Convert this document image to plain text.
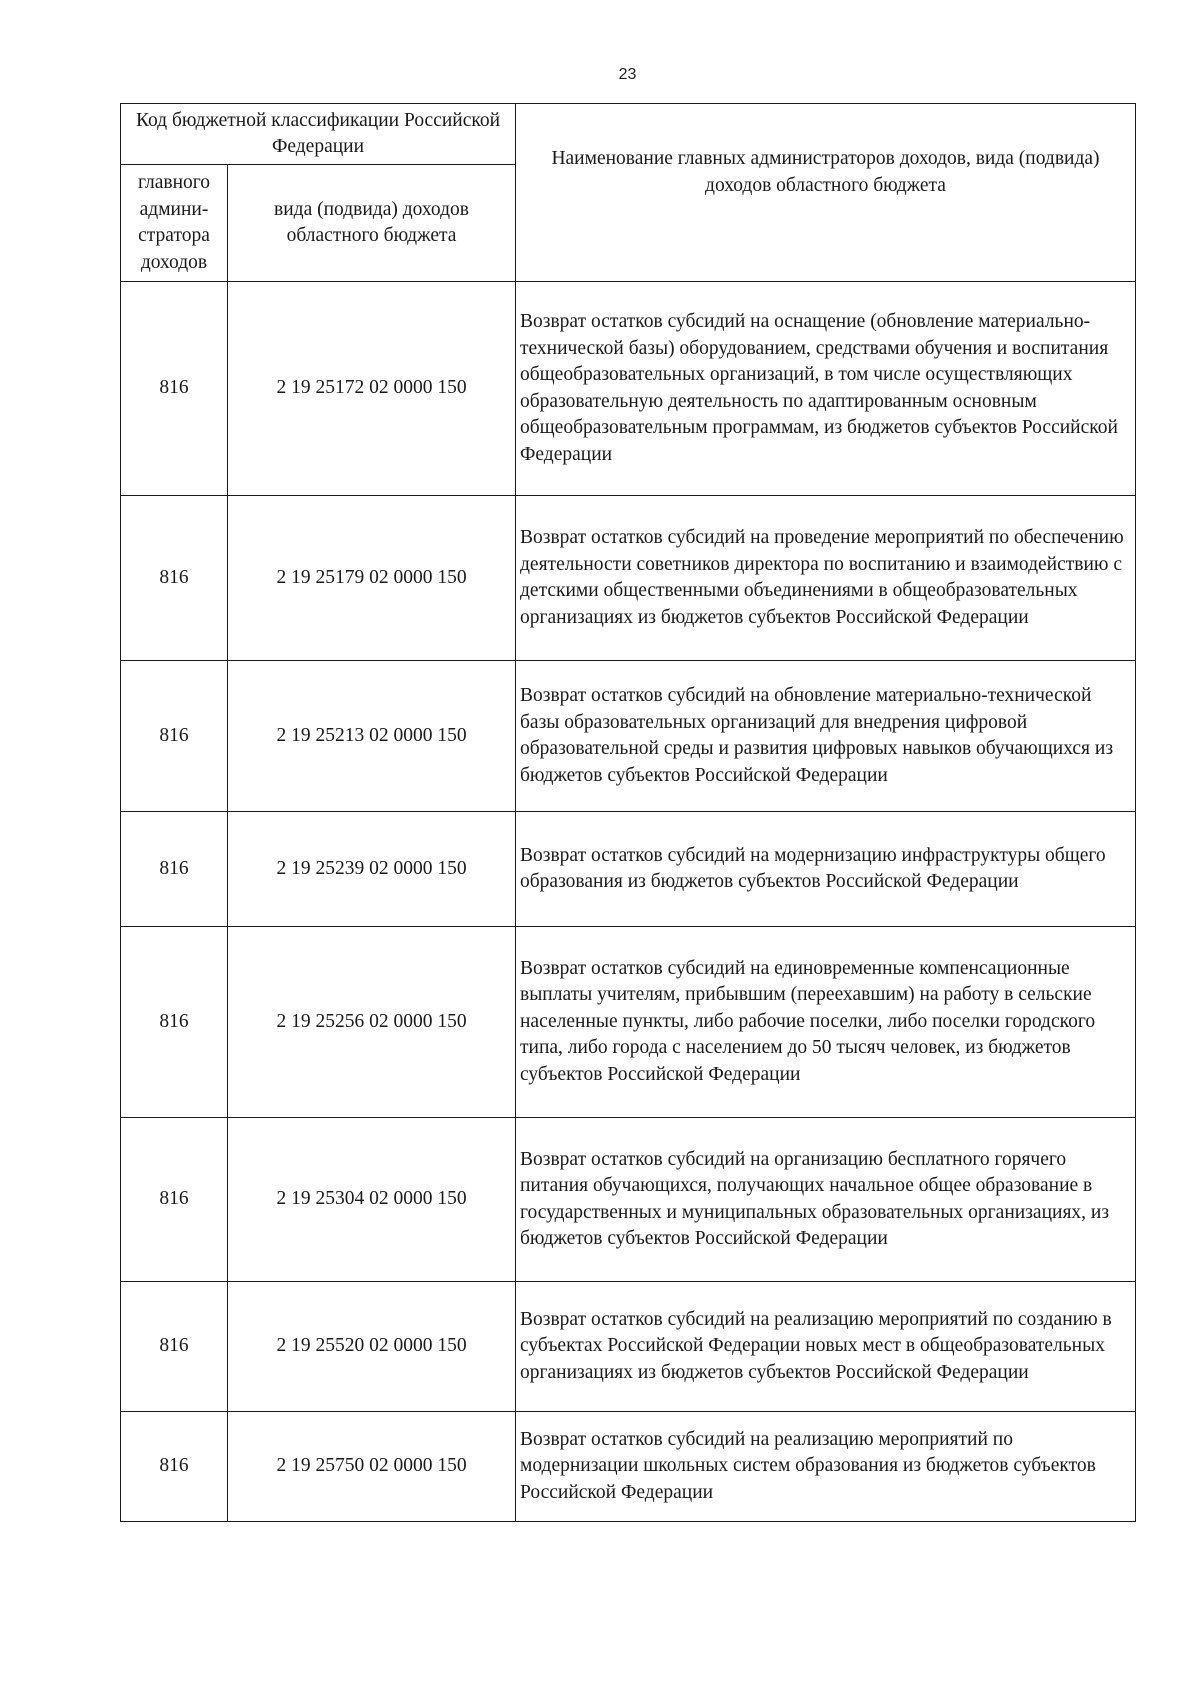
23
Код бюджетной классификации Российской Федерации		Наименование главных администраторов доходов, вида (подвида) доходов областного бюджета
главного админи-стратора доходов	вида (подвида) доходов областного бюджета	
816	2 19 25172 02 0000 150	Возврат остатков субсидий на оснащение (обновление материально-технической базы) оборудованием, средствами обучения и воспитания общеобразовательных организаций, в том числе осуществляющих образовательную деятельность по адаптированным основным общеобразовательным программам, из бюджетов субъектов Российской Федерации
816	2 19 25179 02 0000 150	Возврат остатков субсидий на проведение мероприятий по обеспечению деятельности советников директора по воспитанию и взаимодействию с детскими общественными объединениями в общеобразовательных организациях из бюджетов субъектов Российской Федерации
816	2 19 25213 02 0000 150	Возврат остатков субсидий на обновление материально-технической базы образовательных организаций для внедрения цифровой образовательной среды и развития цифровых навыков обучающихся из бюджетов субъектов Российской Федерации
816	2 19 25239 02 0000 150	Возврат остатков субсидий на модернизацию инфраструктуры общего образования из бюджетов субъектов Российской Федерации
816	2 19 25256 02 0000 150	Возврат остатков субсидий на единовременные компенсационные выплаты учителям, прибывшим (переехавшим) на работу в сельские населенные пункты, либо рабочие поселки, либо поселки городского типа, либо города с населением до 50 тысяч человек, из бюджетов субъектов Российской Федерации
816	2 19 25304 02 0000 150	Возврат остатков субсидий на организацию бесплатного горячего питания обучающихся, получающих начальное общее образование в государственных и муниципальных образовательных организациях, из бюджетов субъектов Российской Федерации
816	2 19 25520 02 0000 150	Возврат остатков субсидий на реализацию мероприятий по созданию в субъектах Российской Федерации новых мест в общеобразовательных организациях из бюджетов субъектов Российской Федерации
816	2 19 25750 02 0000 150	Возврат остатков субсидий на реализацию мероприятий по модернизации школьных систем образования из бюджетов субъектов Российской Федерации
